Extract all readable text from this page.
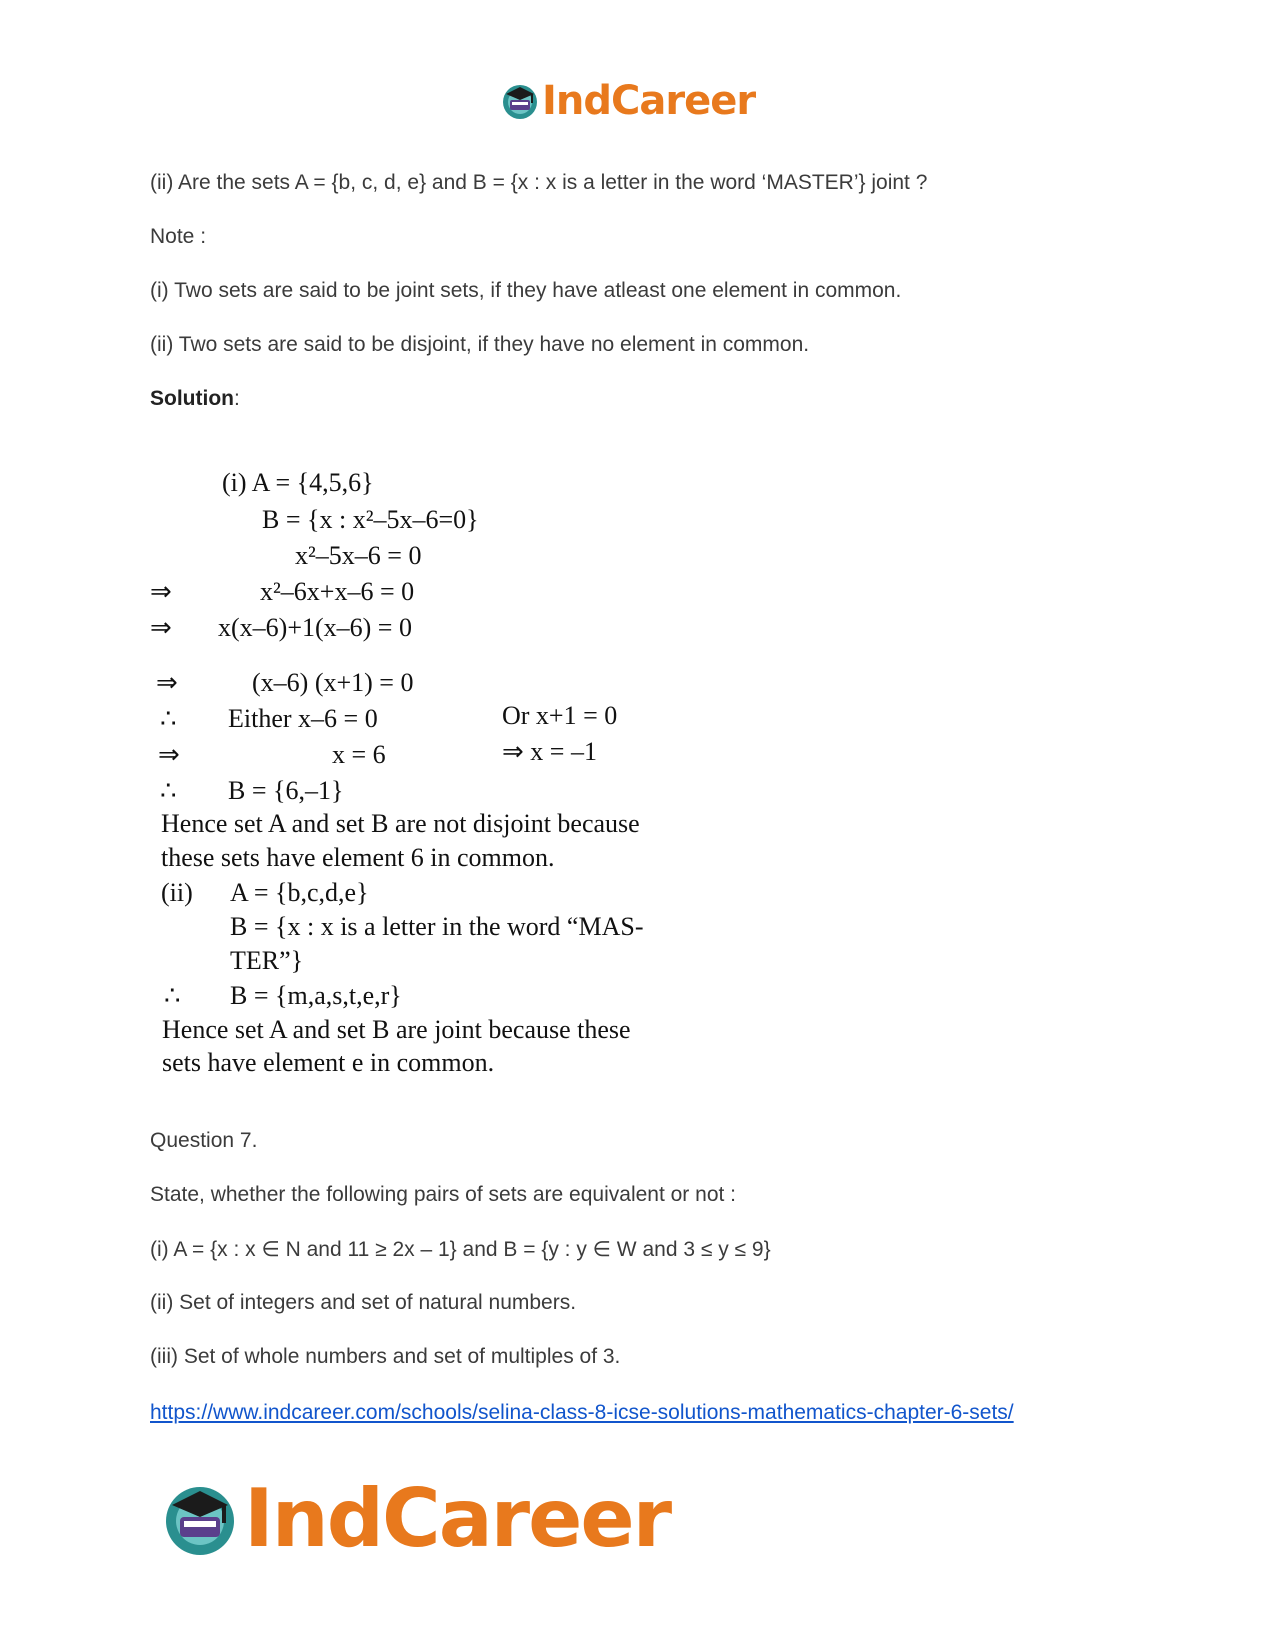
IndCareer
(ii) Are the sets A = {b, c, d, e} and B = {x : x is a letter in the word ‘MASTER’} joint ?
Note :
(i) Two sets are said to be joint sets, if they have atleast one element in common.
(ii) Two sets are said to be disjoint, if they have no element in common.
Solution:
(i) A = {4,5,6}
B = {x : x²–5x–6=0}
x²–5x–6 = 0
⇒	x²–6x+x–6 = 0
⇒ x(x–6)+1(x–6) = 0
⇒	(x–6) (x+1) = 0
∴ Either x–6 = 0	Or x+1 = 0
⇒	x = 6	⇒ x = –1
∴ B = {6,–1}
Hence set A and set B are not disjoint because
these sets have element 6 in common.
(ii) A = {b,c,d,e}
B = {x : x is a letter in the word “MAS-
TER”}
∴ B = {m,a,s,t,e,r}
Hence set A and set B are joint because these
sets have element e in common.
Question 7.
State, whether the following pairs of sets are equivalent or not :
(i) A = {x : x ∈ N and 11 ≥ 2x – 1} and B = {y : y ∈ W and 3 ≤ y ≤ 9}
(ii) Set of integers and set of natural numbers.
(iii) Set of whole numbers and set of multiples of 3.
https://www.indcareer.com/schools/selina-class-8-icse-solutions-mathematics-chapter-6-sets/
IndCareer
